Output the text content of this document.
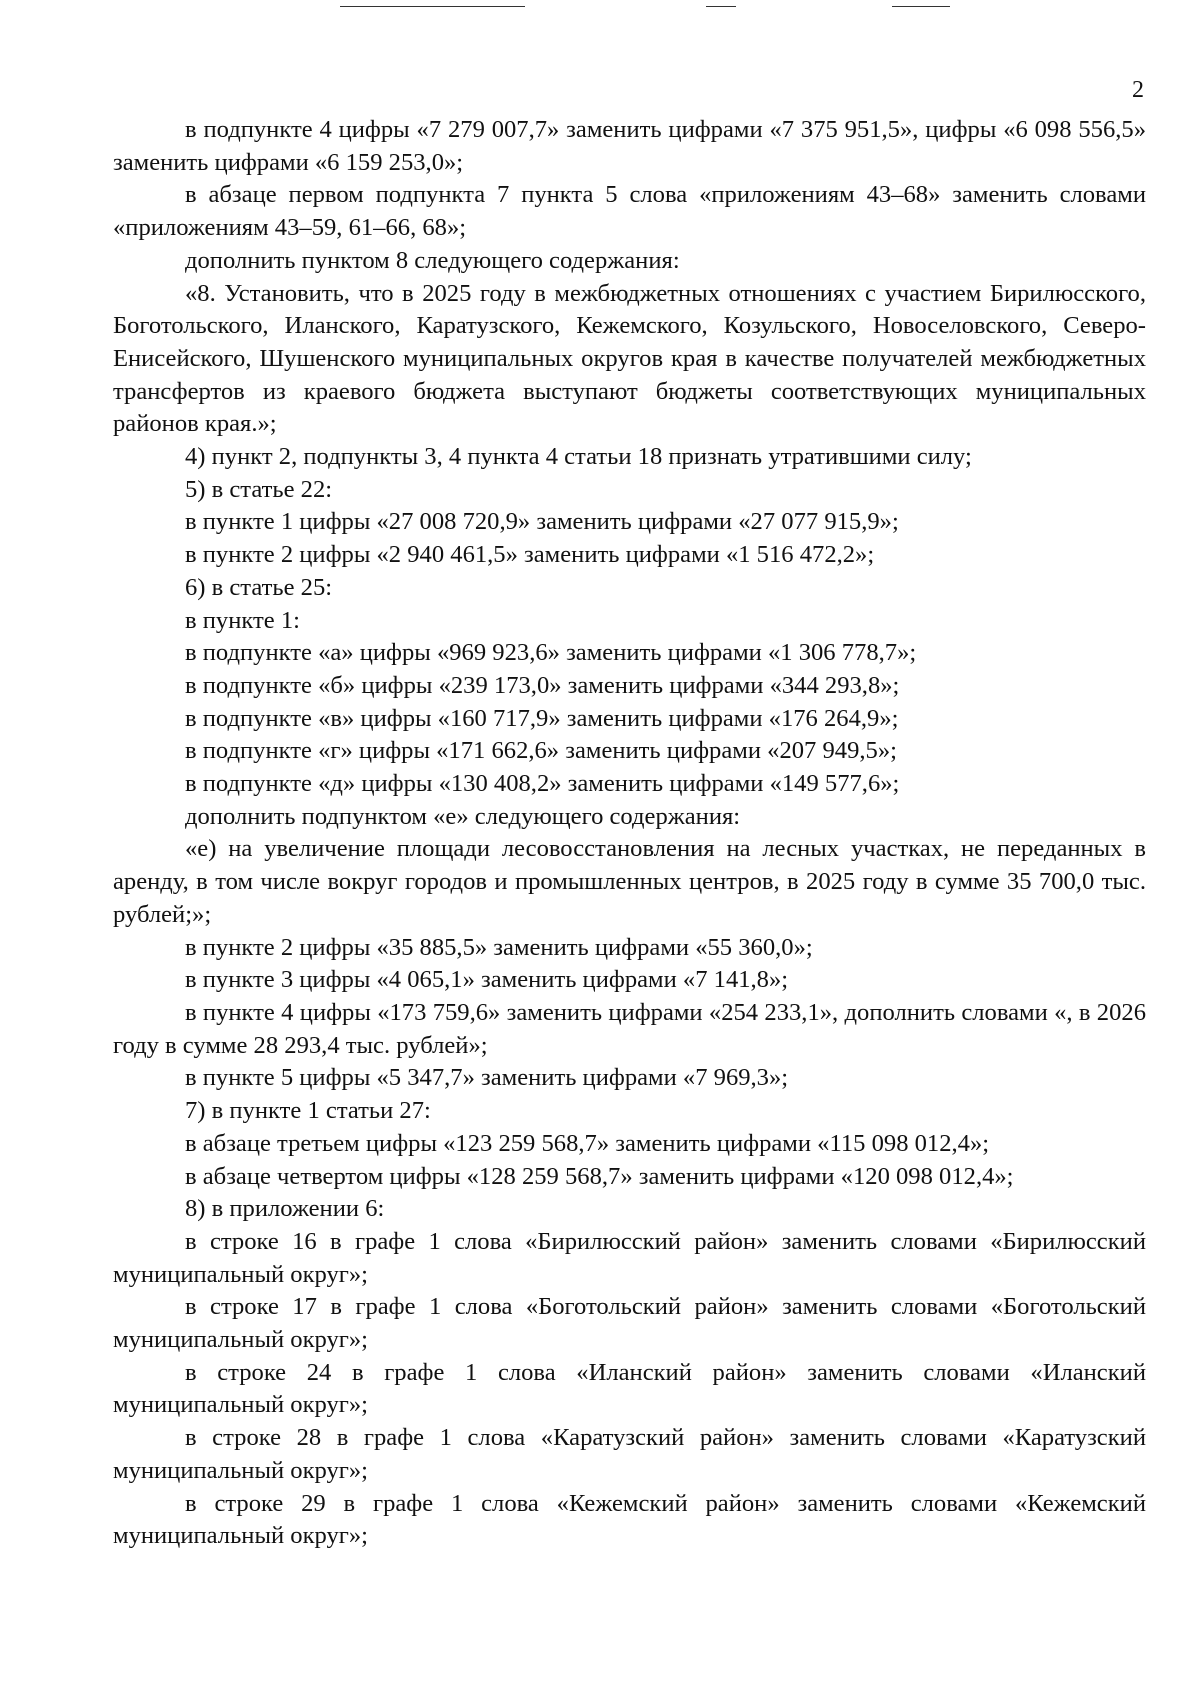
2

в подпункте 4 цифры «7 279 007,7» заменить цифрами «7 375 951,5», цифры «6 098 556,5» заменить цифрами «6 159 253,0»;

в абзаце первом подпункта 7 пункта 5 слова «приложениям 43–68» заменить словами «приложениям 43–59, 61–66, 68»;

дополнить пунктом 8 следующего содержания:

«8. Установить, что в 2025 году в межбюджетных отношениях с участием Бирилюсского, Боготольского, Иланского, Каратузского, Кежемского, Козульского, Новоселовского, Северо-Енисейского, Шушенского муниципальных округов края в качестве получателей межбюджетных трансфертов из краевого бюджета выступают бюджеты соответствующих муниципальных районов края.»;

4) пункт 2, подпункты 3, 4 пункта 4 статьи 18 признать утратившими силу;

5) в статье 22:

в пункте 1 цифры «27 008 720,9» заменить цифрами «27 077 915,9»;

в пункте 2 цифры «2 940 461,5» заменить цифрами «1 516 472,2»;

6) в статье 25:

в пункте 1:

в подпункте «а» цифры «969 923,6» заменить цифрами «1 306 778,7»;

в подпункте «б» цифры «239 173,0» заменить цифрами «344 293,8»;

в подпункте «в» цифры «160 717,9» заменить цифрами «176 264,9»;

в подпункте «г» цифры «171 662,6» заменить цифрами «207 949,5»;

в подпункте «д» цифры «130 408,2» заменить цифрами «149 577,6»;

дополнить подпунктом «е» следующего содержания:

«е) на увеличение площади лесовосстановления на лесных участках, не переданных в аренду, в том числе вокруг городов и промышленных центров, в 2025 году в сумме 35 700,0 тыс. рублей;»;

в пункте 2 цифры «35 885,5» заменить цифрами «55 360,0»;

в пункте 3 цифры «4 065,1» заменить цифрами «7 141,8»;

в пункте 4 цифры «173 759,6» заменить цифрами «254 233,1», дополнить словами «, в 2026 году в сумме 28 293,4 тыс. рублей»;

в пункте 5 цифры «5 347,7» заменить цифрами «7 969,3»;

7) в пункте 1 статьи 27:

в абзаце третьем цифры «123 259 568,7» заменить цифрами «115 098 012,4»;

в абзаце четвертом цифры «128 259 568,7» заменить цифрами «120 098 012,4»;

8) в приложении 6:

в строке 16 в графе 1 слова «Бирилюсский район» заменить словами «Бирилюсский муниципальный округ»;

в строке 17 в графе 1 слова «Боготольский район» заменить словами «Боготольский муниципальный округ»;

в строке 24 в графе 1 слова «Иланский район» заменить словами «Иланский муниципальный округ»;

в строке 28 в графе 1 слова «Каратузский район» заменить словами «Каратузский муниципальный округ»;

в строке 29 в графе 1 слова «Кежемский район» заменить словами «Кежемский муниципальный округ»;
